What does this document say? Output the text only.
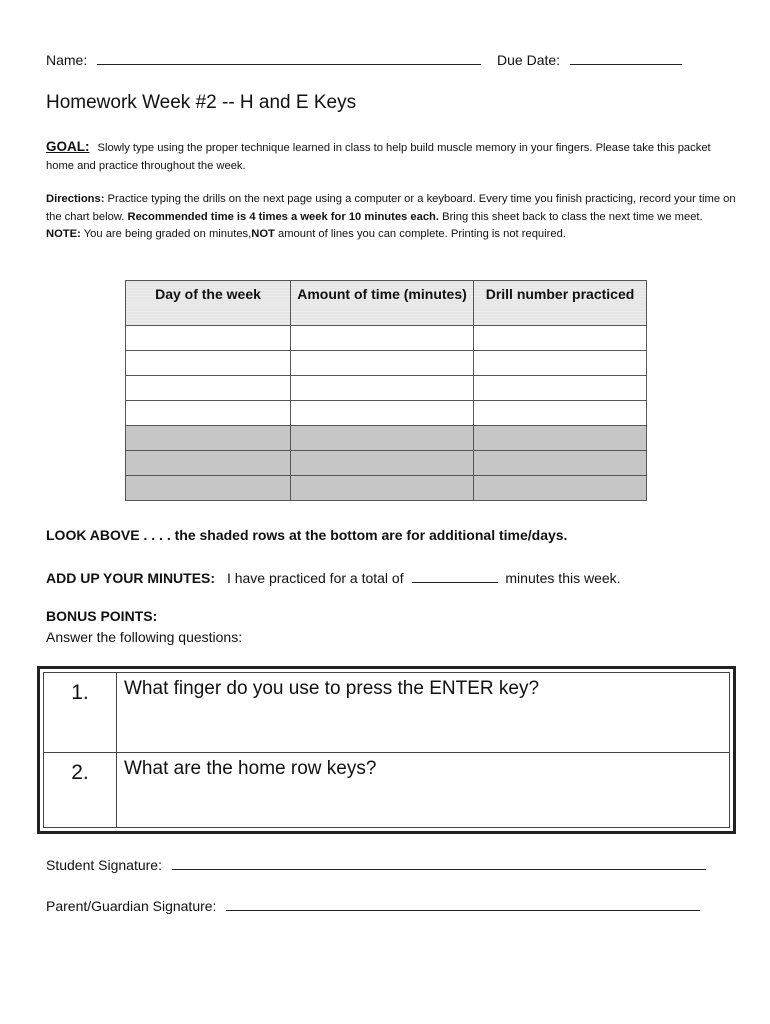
Name:	Due Date:
Homework Week #2 -- H and E Keys
GOAL: Slowly type using the proper technique learned in class to help build muscle memory in your fingers. Please take this packet home and practice throughout the week.
Directions: Practice typing the drills on the next page using a computer or a keyboard. Every time you finish practicing, record your time on the chart below. Recommended time is 4 times a week for 10 minutes each. Bring this sheet back to class the next time we meet. NOTE: You are being graded on minutes,NOT amount of lines you can complete. Printing is not required.
Day of the week	Amount of time (minutes)	Drill number practiced

LOOK ABOVE . . . . the shaded rows at the bottom are for additional time/days.
ADD UP YOUR MINUTES: I have practiced for a total of	minutes this week.
BONUS POINTS:
Answer the following questions:
1.	What finger do you use to press the ENTER key?
2.	What are the home row keys?
Student Signature:
Parent/Guardian Signature:
